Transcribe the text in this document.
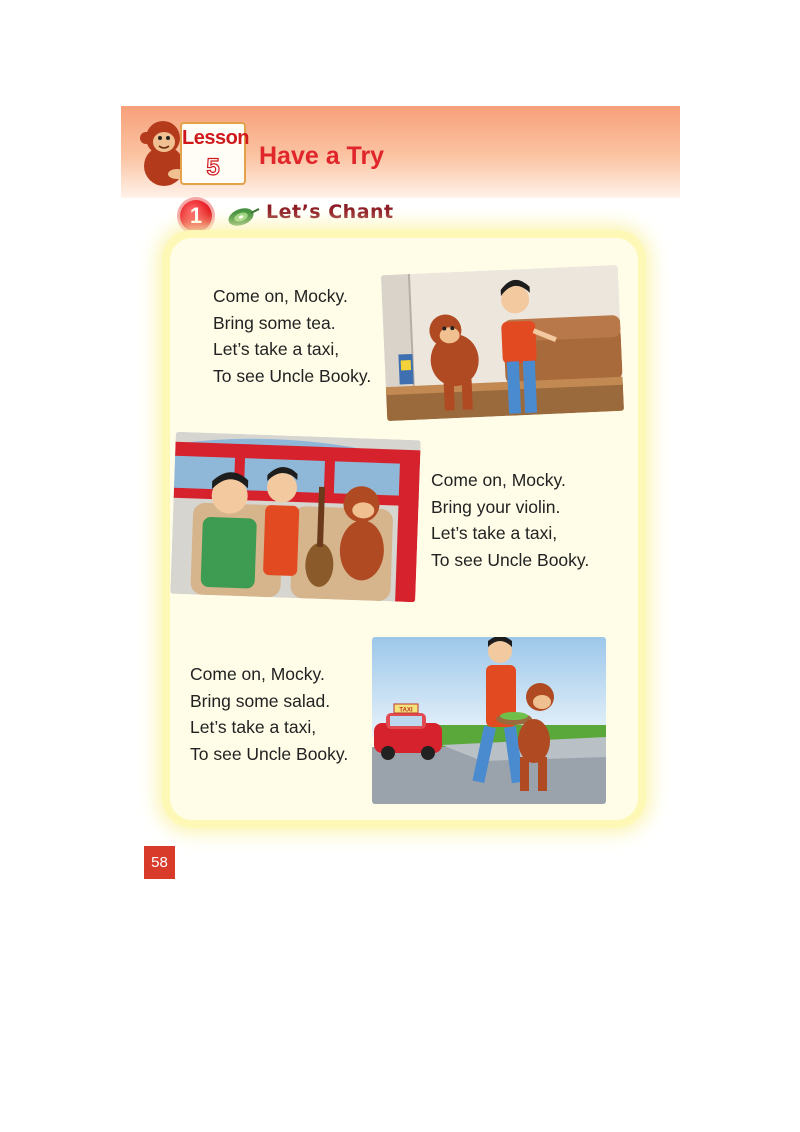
Lesson
5	Have a Try
1	Let’s Chant
Come on, Mocky.
Bring some tea.
Let’s take a taxi,
To see Uncle Booky.
Come on, Mocky.
Bring your violin.
Let’s take a taxi,
To see Uncle Booky.
Come on, Mocky.
Bring some salad.
Let’s take a taxi,
To see Uncle Booky.
TAXI
58
